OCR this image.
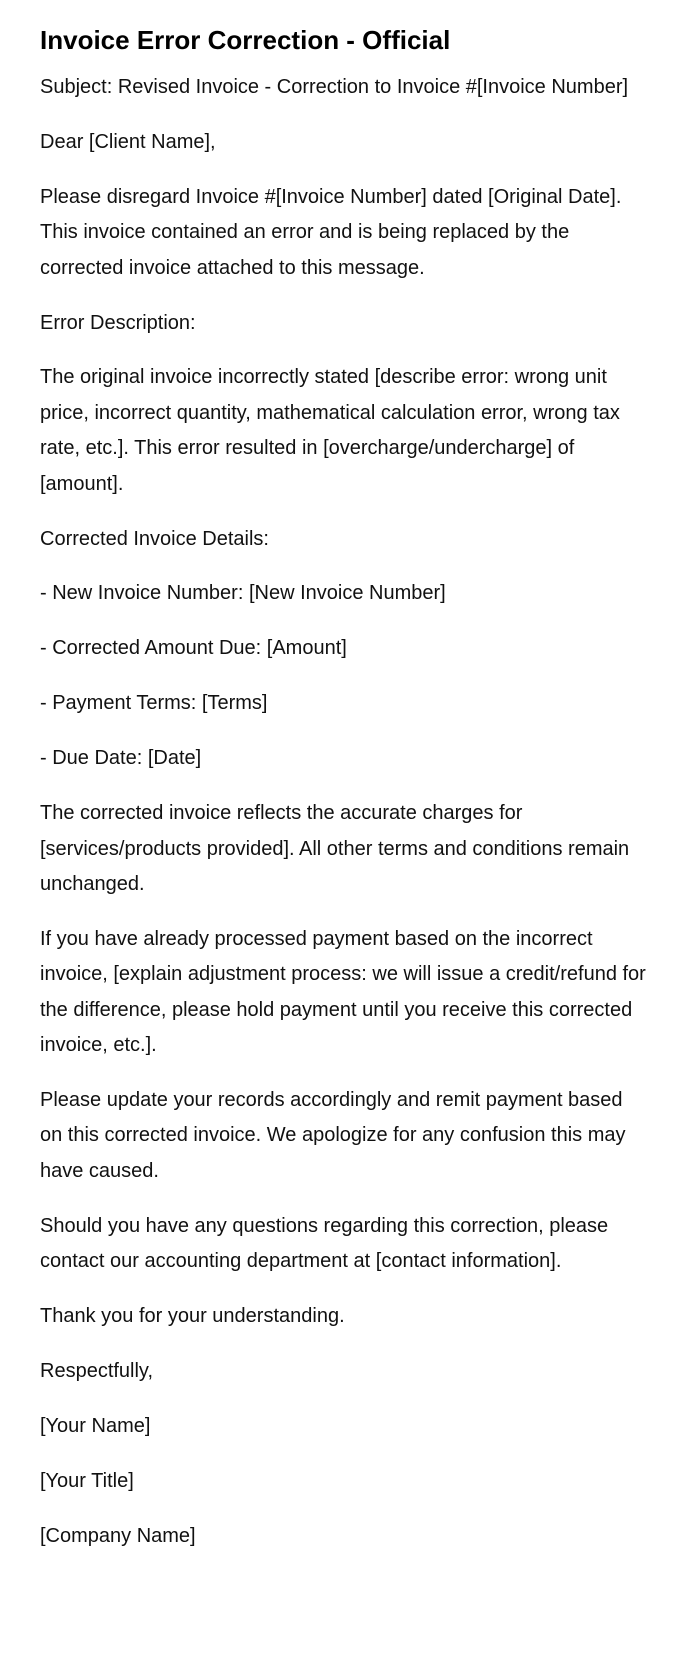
Invoice Error Correction - Official

Subject: Revised Invoice - Correction to Invoice #[Invoice Number]

Dear [Client Name],

Please disregard Invoice #[Invoice Number] dated [Original Date]. This invoice contained an error and is being replaced by the corrected invoice attached to this message.

Error Description:

The original invoice incorrectly stated [describe error: wrong unit price, incorrect quantity, mathematical calculation error, wrong tax rate, etc.]. This error resulted in [overcharge/undercharge] of [amount].

Corrected Invoice Details:

- New Invoice Number: [New Invoice Number]

- Corrected Amount Due: [Amount]

- Payment Terms: [Terms]

- Due Date: [Date]

The corrected invoice reflects the accurate charges for [services/products provided]. All other terms and conditions remain unchanged.

If you have already processed payment based on the incorrect invoice, [explain adjustment process: we will issue a credit/refund for the difference, please hold payment until you receive this corrected invoice, etc.].

Please update your records accordingly and remit payment based on this corrected invoice. We apologize for any confusion this may have caused.

Should you have any questions regarding this correction, please contact our accounting department at [contact information].

Thank you for your understanding.

Respectfully,

[Your Name]

[Your Title]

[Company Name]
